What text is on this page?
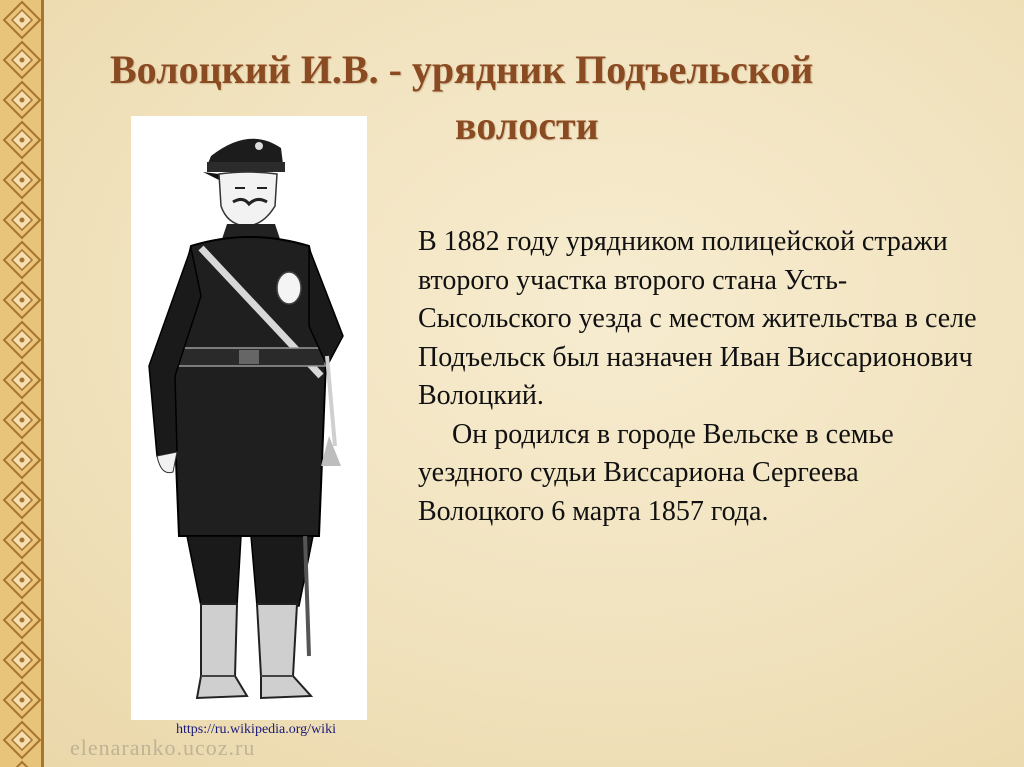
Волоцкий И.В. - урядник Подъельской
волости

В 1882 году урядником полицейской стражи второго участка второго стана Усть-Сысольского уезда с местом жительства в селе Подъельск был назначен Иван Виссарионович Волоцкий.

Он родился в городе Вельске в семье уездного судьи Виссариона Сергеева Волоцкого 6 марта 1857 года.

https://ru.wikipedia.org/wiki
elenaranko.ucoz.ru
